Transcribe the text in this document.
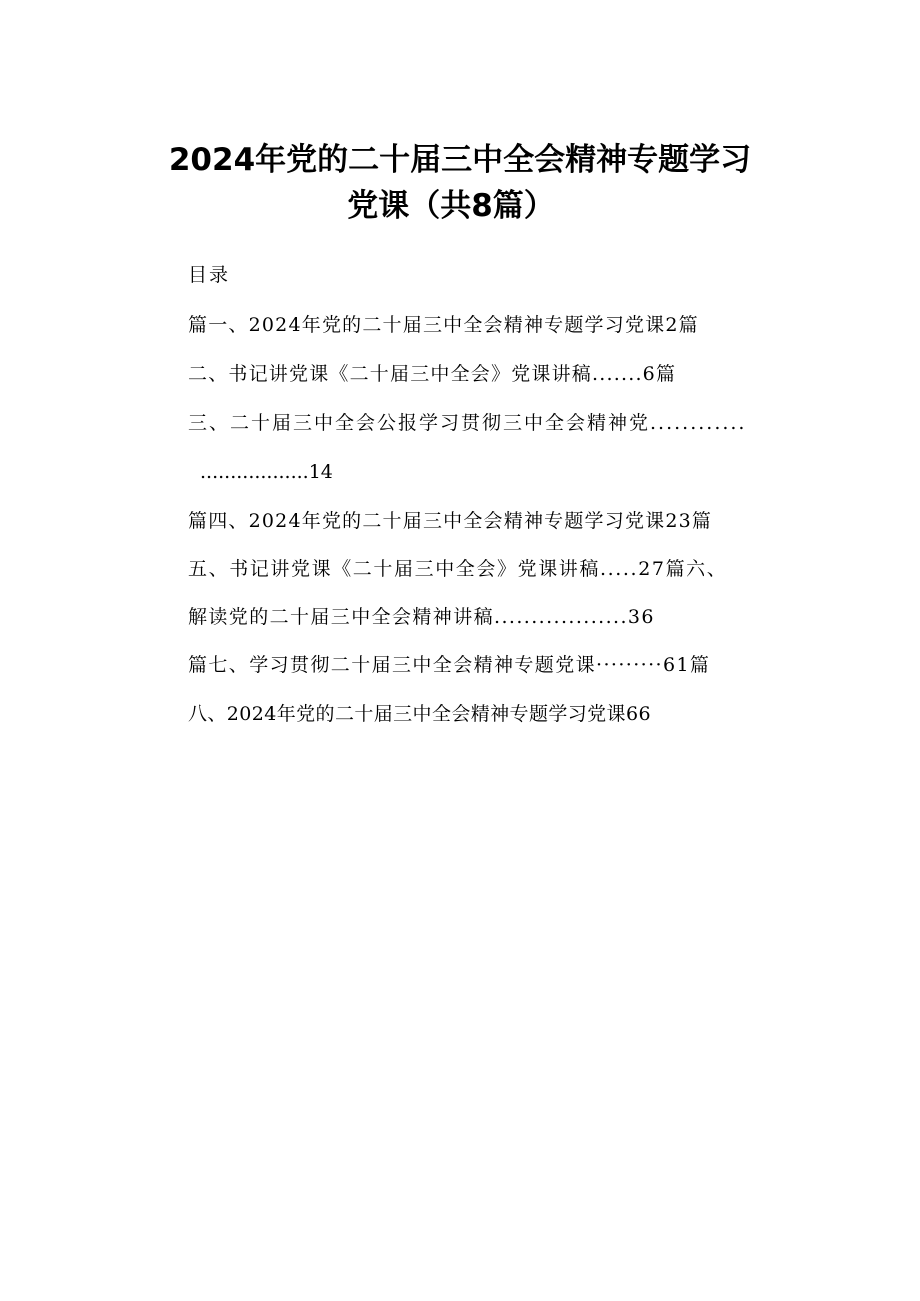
2024年党的二十届三中全会精神专题学习
党课（共8篇）
目录
篇一、2024年党的二十届三中全会精神专题学习党课2篇
二、书记讲党课《二十届三中全会》党课讲稿.......6篇
三、二十届三中全会公报学习贯彻三中全会精神党............
..................14
篇四、2024年党的二十届三中全会精神专题学习党课23篇
五、书记讲党课《二十届三中全会》党课讲稿.....27篇六、
解读党的二十届三中全会精神讲稿..................36
篇七、学习贯彻二十届三中全会精神专题党课·········61篇
八、2024年党的二十届三中全会精神专题学习党课66
